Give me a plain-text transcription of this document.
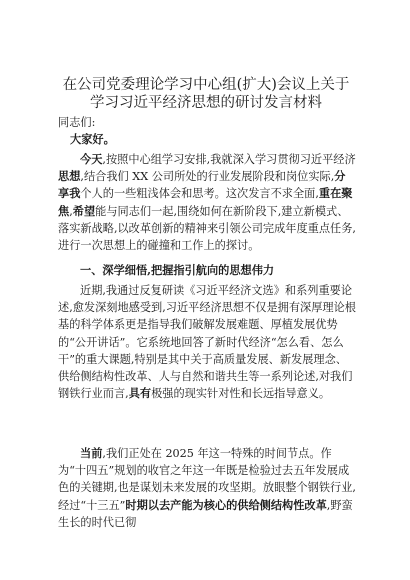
在公司党委理论学习中心组(扩大)会议上关于
学习习近平经济思想的研讨发言材料

同志们:

大家好。

今天,按照中心组学习安排,我就深入学习贯彻习近平经济思想,结合我们 XX 公司所处的行业发展阶段和岗位实际,分享我个人的一些粗浅体会和思考。这次发言不求全面,重在聚焦,希望能与同志们一起,围绕如何在新阶段下,建立新模式、落实新战略,以改革创新的精神来引领公司完成年度重点任务,进行一次思想上的碰撞和工作上的探讨。

一、深学细悟,把握指引航向的思想伟力

近期,我通过反复研读《习近平经济文选》和系列重要论述,愈发深刻地感受到,习近平经济思想不仅是拥有深厚理论根基的科学体系更是指导我们破解发展难题、厚植发展优势的“公开讲话”。它系统地回答了新时代经济“怎么看、怎么干”的重大课题,特别是其中关于高质量发展、新发展理念、供给侧结构性改革、人与自然和谐共生等一系列论述,对我们钢铁行业而言,具有极强的现实针对性和长远指导意义。

当前,我们正处在 2025 年这一特殊的时间节点。作为“十四五”规划的收官之年这一年既是检验过去五年发展成色的关键期,也是谋划未来发展的攻坚期。放眼整个钢铁行业,经过“十三五”时期以去产能为核心的供给侧结构性改革,野蛮生长的时代已彻
